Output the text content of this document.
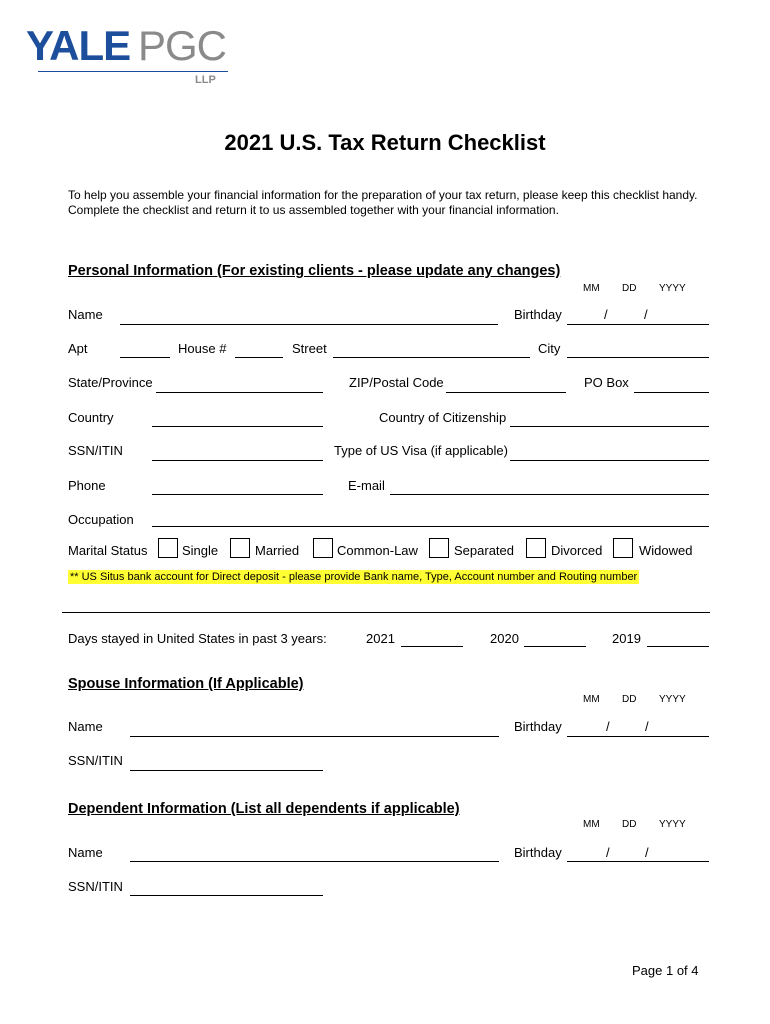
YALE PGC
LLP
2021 U.S. Tax Return Checklist
To help you assemble your financial information for the preparation of your tax return, please keep this checklist handy. Complete the checklist and return it to us assembled together with your financial information.
Personal Information (For existing clients - please update any changes)
MM DD YYYY
Name	Birthday	/	/
Apt	House #	Street	City
State/Province	ZIP/Postal Code	PO Box
Country	Country of Citizenship
SSN/ITIN	Type of US Visa (if applicable)
Phone	E-mail
Occupation
Marital Status	Single	Married	Common-Law	Separated	Divorced	Widowed
** US Situs bank account for Direct deposit - please provide Bank name, Type, Account number and Routing number
Days stayed in United States in past 3 years:	2021	2020	2019
Spouse Information (If Applicable)
MM DD YYYY
Name	Birthday	/	/
SSN/ITIN
Dependent Information (List all dependents if applicable)
MM DD YYYY
Name	Birthday	/	/
SSN/ITIN
Page 1 of 4
